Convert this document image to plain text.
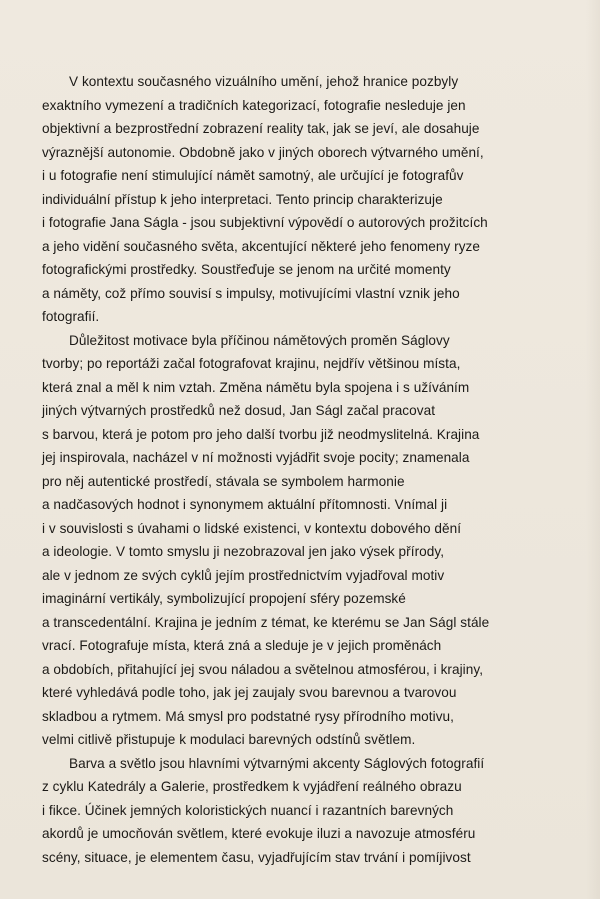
V kontextu současného vizuálního umění, jehož hranice pozbyly
exaktního vymezení a tradičních kategorizací, fotografie nesleduje jen
objektivní a bezprostřední zobrazení reality tak, jak se jeví, ale dosahuje
výraznější autonomie. Obdobně jako v jiných oborech výtvarného umění,
i u fotografie není stimulující námět samotný, ale určující je fotografův
individuální přístup k jeho interpretaci. Tento princip charakterizuje
i fotografie Jana Ságla - jsou subjektivní výpovědí o autorových prožitcích
a jeho vidění současného světa, akcentující některé jeho fenomeny ryze
fotografickými prostředky. Soustřeďuje se jenom na určité momenty
a náměty, což přímo souvisí s impulsy, motivujícími vlastní vznik jeho
fotografií.
Důležitost motivace byla příčinou námětových proměn Ságlovy
tvorby; po reportáži začal fotografovat krajinu, nejdřív většinou místa,
která znal a měl k nim vztah. Změna námětu byla spojena i s užíváním
jiných výtvarných prostředků než dosud, Jan Ságl začal pracovat
s barvou, která je potom pro jeho další tvorbu již neodmyslitelná. Krajina
jej inspirovala, nacházel v ní možnosti vyjádřit svoje pocity; znamenala
pro něj autentické prostředí, stávala se symbolem harmonie
a nadčasových hodnot i synonymem aktuální přítomnosti. Vnímal ji
i v souvislosti s úvahami o lidské existenci, v kontextu dobového dění
a ideologie. V tomto smyslu ji nezobrazoval jen jako výsek přírody,
ale v jednom ze svých cyklů jejím prostřednictvím vyjadřoval motiv
imaginární vertikály, symbolizující propojení sféry pozemské
a transcedentální. Krajina je jedním z témat, ke kterému se Jan Ságl stále
vrací. Fotografuje místa, která zná a sleduje je v jejich proměnách
a obdobích, přitahující jej svou náladou a světelnou atmosférou, i krajiny,
které vyhledává podle toho, jak jej zaujaly svou barevnou a tvarovou
skladbou a rytmem. Má smysl pro podstatné rysy přírodního motivu,
velmi citlivě přistupuje k modulaci barevných odstínů světlem.
Barva a světlo jsou hlavními výtvarnými akcenty Ságlových fotografií
z cyklu Katedrály a Galerie, prostředkem k vyjádření reálného obrazu
i fikce. Účinek jemných koloristických nuancí i razantních barevných
akordů je umocňován světlem, které evokuje iluzi a navozuje atmosféru
scény, situace, je elementem času, vyjadřujícím stav trvání i pomíjivost
